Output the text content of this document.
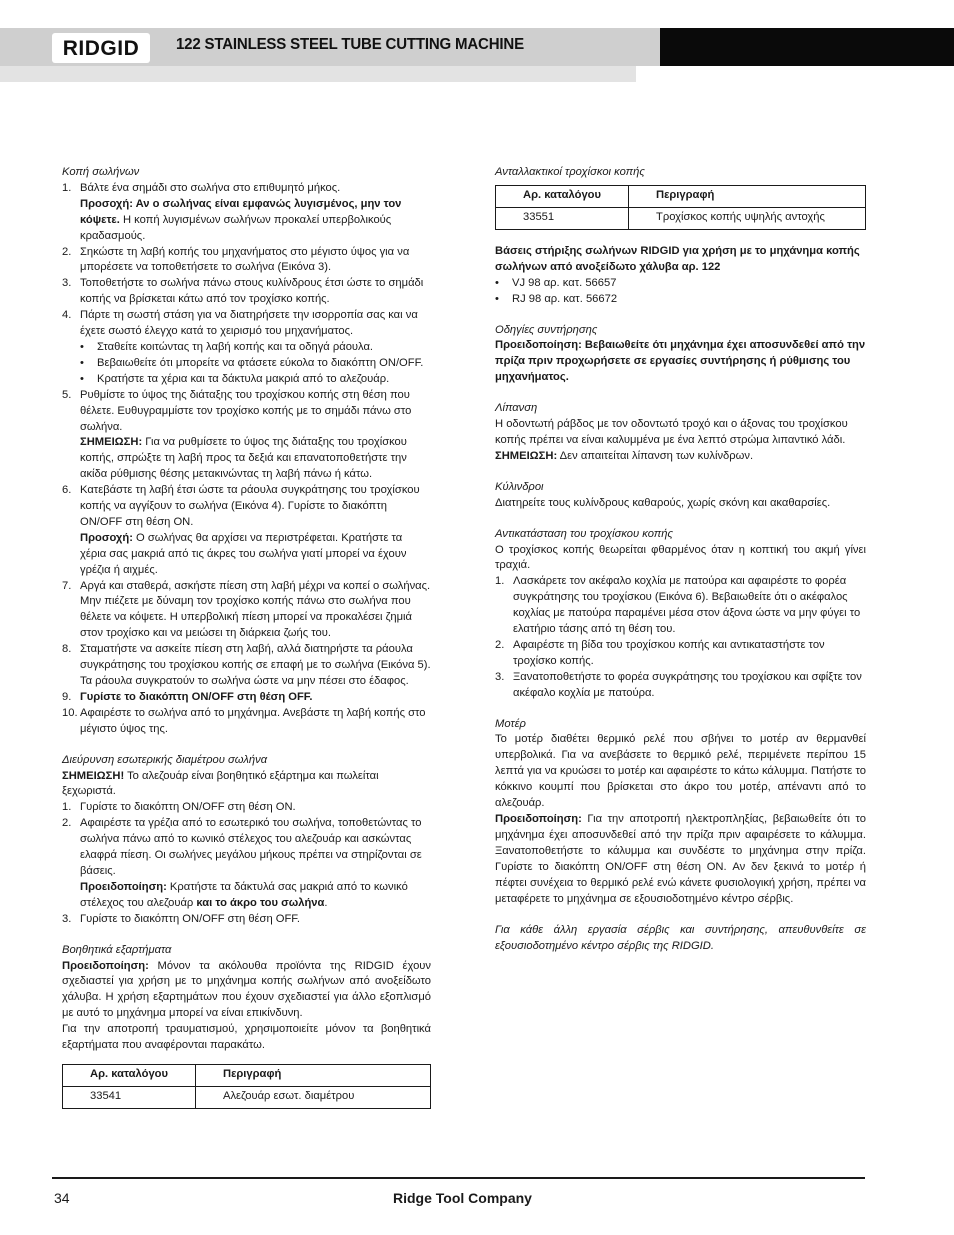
RIDGID 122 STAINLESS STEEL TUBE CUTTING MACHINE

Κοπή σωλήνων

1. Βάλτε ένα σημάδι στο σωλήνα στο επιθυμητό μήκος.
Προσοχή: Αν ο σωλήνας είναι εμφανώς λυγισμένος, μην τον κόψετε. Η κοπή λυγισμένων σωλήνων προκαλεί υπερβολικούς κραδασμούς.
2. Σηκώστε τη λαβή κοπής του μηχανήματος στο μέγιστο ύψος για να μπορέσετε να τοποθετήσετε το σωλήνα (Εικόνα 3).
3. Τοποθετήστε το σωλήνα πάνω στους κυλίνδρους έτσι ώστε το σημάδι κοπής να βρίσκεται κάτω από τον τροχίσκο κοπής.
4. Πάρτε τη σωστή στάση για να διατηρήσετε την ισορροπία σας και να έχετε σωστό έλεγχο κατά το χειρισμό του μηχανήματος.
• Σταθείτε κοιτώντας τη λαβή κοπής και τα οδηγά ράουλα.
• Βεβαιωθείτε ότι μπορείτε να φτάσετε εύκολα το διακόπτη ON/OFF.
• Κρατήστε τα χέρια και τα δάκτυλα μακριά από το αλεζουάρ.
5. Ρυθμίστε το ύψος της διάταξης του τροχίσκου κοπής στη θέση που θέλετε. Ευθυγραμμίστε τον τροχίσκο κοπής με το σημάδι πάνω στο σωλήνα.
ΣΗΜΕΙΩΣΗ: Για να ρυθμίσετε το ύψος της διάταξης του τροχίσκου κοπής, σπρώξτε τη λαβή προς τα δεξιά και επανατοποθετήστε την ακίδα ρύθμισης θέσης μετακινώντας τη λαβή πάνω ή κάτω.
6. Κατεβάστε τη λαβή έτσι ώστε τα ράουλα συγκράτησης του τροχίσκου κοπής να αγγίξουν το σωλήνα (Εικόνα 4). Γυρίστε το διακόπτη ON/OFF στη θέση ON.
Προσοχή: Ο σωλήνας θα αρχίσει να περιστρέφεται. Κρατήστε τα χέρια σας μακριά από τις άκρες του σωλήνα γιατί μπορεί να έχουν γρέζια ή αιχμές.
7. Αργά και σταθερά, ασκήστε πίεση στη λαβή μέχρι να κοπεί ο σωλήνας. Μην πιέζετε με δύναμη τον τροχίσκο κοπής πάνω στο σωλήνα που θέλετε να κόψετε. Η υπερβολική πίεση μπορεί να προκαλέσει ζημιά στον τροχίσκο και να μειώσει τη διάρκεια ζωής του.
8. Σταματήστε να ασκείτε πίεση στη λαβή, αλλά διατηρήστε τα ράουλα συγκράτησης του τροχίσκου κοπής σε επαφή με το σωλήνα (Εικόνα 5). Τα ράουλα συγκρατούν το σωλήνα ώστε να μην πέσει στο έδαφος.
9. Γυρίστε το διακόπτη ON/OFF στη θέση OFF.
10. Αφαιρέστε το σωλήνα από το μηχάνημα. Ανεβάστε τη λαβή κοπής στο μέγιστο ύψος της.

Διεύρυνση εσωτερικής διαμέτρου σωλήνα

ΣΗΜΕΙΩΣΗ! Το αλεζουάρ είναι βοηθητικό εξάρτημα και πωλείται ξεχωριστά.

1. Γυρίστε το διακόπτη ON/OFF στη θέση ON.
2. Αφαιρέστε τα γρέζια από το εσωτερικό του σωλήνα, τοποθετώντας το σωλήνα πάνω από το κωνικό στέλεχος του αλεζουάρ και ασκώντας ελαφρά πίεση. Οι σωλήνες μεγάλου μήκους πρέπει να στηρίζονται σε βάσεις.
Προειδοποίηση: Κρατήστε τα δάκτυλά σας μακριά από το κωνικό στέλεχος του αλεζουάρ και το άκρο του σωλήνα.
3. Γυρίστε το διακόπτη ON/OFF στη θέση OFF.

Βοηθητικά εξαρτήματα

Προειδοποίηση: Μόνον τα ακόλουθα προϊόντα της RIDGID έχουν σχεδιαστεί για χρήση με το μηχάνημα κοπής σωλήνων από ανοξείδωτο χάλυβα. Η χρήση εξαρτημάτων που έχουν σχεδιαστεί για άλλο εξοπλισμό με αυτό το μηχάνημα μπορεί να είναι επικίνδυνη.

Για την αποτροπή τραυματισμού, χρησιμοποιείτε μόνον τα βοηθητικά εξαρτήματα που αναφέρονται παρακάτω.

Αρ. καταλόγου	Περιγραφή
33541	Αλεζουάρ εσωτ. διαμέτρου

Ανταλλακτικοί τροχίσκοι κοπής

Αρ. καταλόγου	Περιγραφή
33551	Τροχίσκος κοπής υψηλής αντοχής

Βάσεις στήριξης σωλήνων RIDGID για χρήση με το μηχάνημα κοπής σωλήνων από ανοξείδωτο χάλυβα αρ. 122

• VJ 98 αρ. κατ. 56657
• RJ 98 αρ. κατ. 56672

Οδηγίες συντήρησης

Προειδοποίηση: Βεβαιωθείτε ότι μηχάνημα έχει αποσυνδεθεί από την πρίζα πριν προχωρήσετε σε εργασίες συντήρησης ή ρύθμισης του μηχανήματος.

Λίπανση

Η οδοντωτή ράβδος με τον οδοντωτό τροχό και ο άξονας του τροχίσκου κοπής πρέπει να είναι καλυμμένα με ένα λεπτό στρώμα λιπαντικό λάδι.

ΣΗΜΕΙΩΣΗ: Δεν απαιτείται λίπανση των κυλίνδρων.

Κύλινδροι

Διατηρείτε τους κυλίνδρους καθαρούς, χωρίς σκόνη και ακαθαρσίες.

Αντικατάσταση του τροχίσκου κοπής

Ο τροχίσκος κοπής θεωρείται φθαρμένος όταν η κοπτική του ακμή γίνει τραχιά.

1. Λασκάρετε τον ακέφαλο κοχλία με πατούρα και αφαιρέστε το φορέα συγκράτησης του τροχίσκου (Εικόνα 6). Βεβαιωθείτε ότι ο ακέφαλος κοχλίας με πατούρα παραμένει μέσα στον άξονα ώστε να μην φύγει το ελατήριο τάσης από τη θέση του.
2. Αφαιρέστε τη βίδα του τροχίσκου κοπής και αντικαταστήστε τον τροχίσκο κοπής.
3. Ξανατοποθετήστε το φορέα συγκράτησης του τροχίσκου και σφίξτε τον ακέφαλο κοχλία με πατούρα.

Μοτέρ

Το μοτέρ διαθέτει θερμικό ρελέ που σβήνει το μοτέρ αν θερμανθεί υπερβολικά. Για να ανεβάσετε το θερμικό ρελέ, περιμένετε περίπου 15 λεπτά για να κρυώσει το μοτέρ και αφαιρέστε το κάτω κάλυμμα. Πατήστε το κόκκινο κουμπί που βρίσκεται στο άκρο του μοτέρ, απέναντι από το αλεζουάρ.

Προειδοποίηση: Για την αποτροπή ηλεκτροπληξίας, βεβαιωθείτε ότι το μηχάνημα έχει αποσυνδεθεί από την πρίζα πριν αφαιρέσετε το κάλυμμα. Ξανατοποθετήστε το κάλυμμα και συνδέστε το μηχάνημα στην πρίζα. Γυρίστε το διακόπτη ON/OFF στη θέση ON. Αν δεν ξεκινά το μοτέρ ή πέφτει συνέχεια το θερμικό ρελέ ενώ κάνετε φυσιολογική χρήση, πρέπει να μεταφέρετε το μηχάνημα σε εξουσιοδοτημένο κέντρο σέρβις.

Για κάθε άλλη εργασία σέρβις και συντήρησης, απευθυνθείτε σε εξουσιοδοτημένο κέντρο σέρβις της RIDGID.

34	Ridge Tool Company
